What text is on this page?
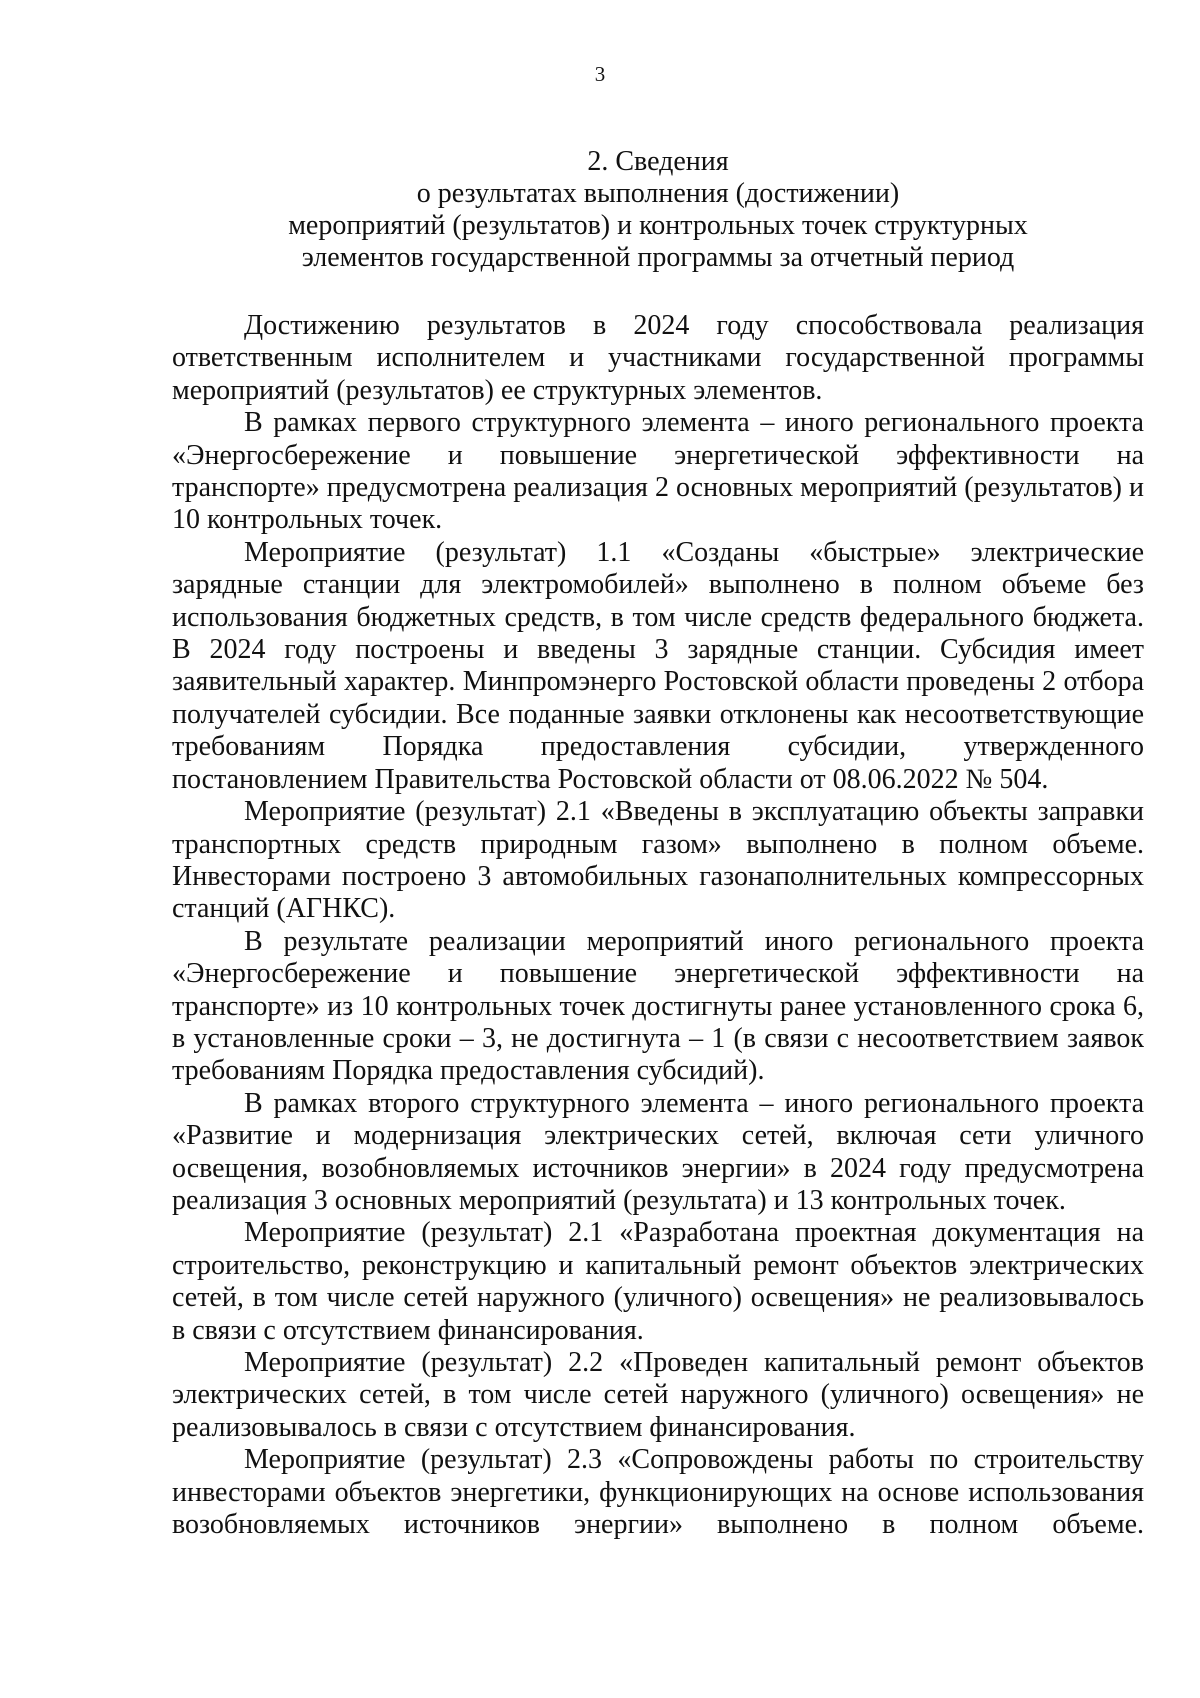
3
2. Сведения
о результатах выполнения (достижении)
мероприятий (результатов) и контрольных точек структурных
элементов государственной программы за отчетный период

Достижению результатов в 2024 году способствовала реализация ответственным исполнителем и участниками государственной программы мероприятий (результатов) ее структурных элементов.

В рамках первого структурного элемента – иного регионального проекта «Энергосбережение и повышение энергетической эффективности на транспорте» предусмотрена реализация 2 основных мероприятий (результатов) и 10 контрольных точек.

Мероприятие (результат) 1.1 «Созданы «быстрые» электрические зарядные станции для электромобилей» выполнено в полном объеме без использования бюджетных средств, в том числе средств федерального бюджета. В 2024 году построены и введены 3 зарядные станции. Субсидия имеет заявительный характер. Минпромэнерго Ростовской области проведены 2 отбора получателей субсидии. Все поданные заявки отклонены как несоответствующие требованиям Порядка предоставления субсидии, утвержденного постановлением Правительства Ростовской области от 08.06.2022 № 504.

Мероприятие (результат) 2.1 «Введены в эксплуатацию объекты заправки транспортных средств природным газом» выполнено в полном объеме. Инвесторами построено 3 автомобильных газонаполнительных компрессорных станций (АГНКС).

В результате реализации мероприятий иного регионального проекта «Энергосбережение и повышение энергетической эффективности на транспорте» из 10 контрольных точек достигнуты ранее установленного срока 6, в установленные сроки – 3, не достигнута – 1 (в связи с несоответствием заявок требованиям Порядка предоставления субсидий).

В рамках второго структурного элемента – иного регионального проекта «Развитие и модернизация электрических сетей, включая сети уличного освещения, возобновляемых источников энергии» в 2024 году предусмотрена реализация 3 основных мероприятий (результата) и 13 контрольных точек.

Мероприятие (результат) 2.1 «Разработана проектная документация на строительство, реконструкцию и капитальный ремонт объектов электрических сетей, в том числе сетей наружного (уличного) освещения» не реализовывалось в связи с отсутствием финансирования.

Мероприятие (результат) 2.2 «Проведен капитальный ремонт объектов электрических сетей, в том числе сетей наружного (уличного) освещения» не реализовывалось в связи с отсутствием финансирования.

Мероприятие (результат) 2.3 «Сопровождены работы по строительству инвесторами объектов энергетики, функционирующих на основе использования возобновляемых источников энергии» выполнено в полном объеме.
